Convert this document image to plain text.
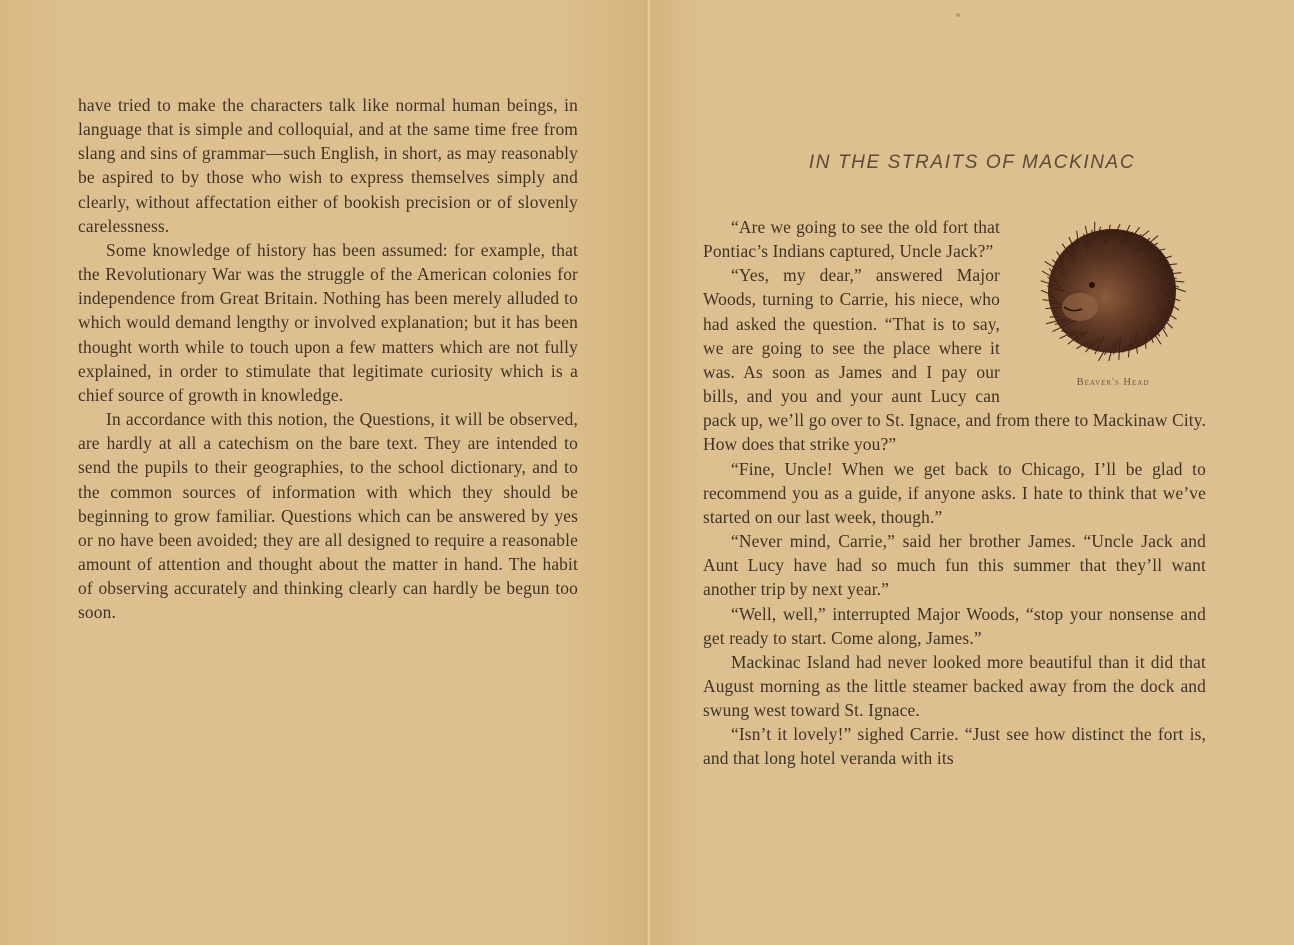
have tried to make the characters talk like normal human beings, in language that is simple and colloquial, and at the same time free from slang and sins of grammar—such English, in short, as may reasonably be aspired to by those who wish to express themselves simply and clearly, without affectation either of bookish precision or of slovenly carelessness.

Some knowledge of history has been assumed: for example, that the Revolutionary War was the struggle of the American colonies for independence from Great Britain. Nothing has been merely alluded to which would demand lengthy or involved explanation; but it has been thought worth while to touch upon a few matters which are not fully explained, in order to stimulate that legitimate curiosity which is a chief source of growth in knowledge.

In accordance with this notion, the Questions, it will be observed, are hardly at all a catechism on the bare text. They are intended to send the pupils to their geographies, to the school dictionary, and to the common sources of information with which they should be beginning to grow familiar. Questions which can be answered by yes or no have been avoided; they are all designed to require a reasonable amount of attention and thought about the matter in hand. The habit of observing accurately and thinking clearly can hardly be begun too soon.

IN THE STRAITS OF MACKINAC
Beaver's Head

“Are we going to see the old fort that Pontiac’s Indians captured, Uncle Jack?”

“Yes, my dear,” answered Major Woods, turning to Carrie, his niece, who had asked the question. “That is to say, we are going to see the place where it was. As soon as James and I pay our bills, and you and your aunt Lucy can pack up, we’ll go over to St. Ignace, and from there to Mackinaw City. How does that strike you?”

“Fine, Uncle! When we get back to Chicago, I’ll be glad to recommend you as a guide, if anyone asks. I hate to think that we’ve started on our last week, though.”

“Never mind, Carrie,” said her brother James. “Uncle Jack and Aunt Lucy have had so much fun this summer that they’ll want another trip by next year.”

“Well, well,” interrupted Major Woods, “stop your nonsense and get ready to start. Come along, James.”

Mackinac Island had never looked more beautiful than it did that August morning as the little steamer backed away from the dock and swung west toward St. Ignace.

“Isn’t it lovely!” sighed Carrie. “Just see how distinct the fort is, and that long hotel veranda with its
